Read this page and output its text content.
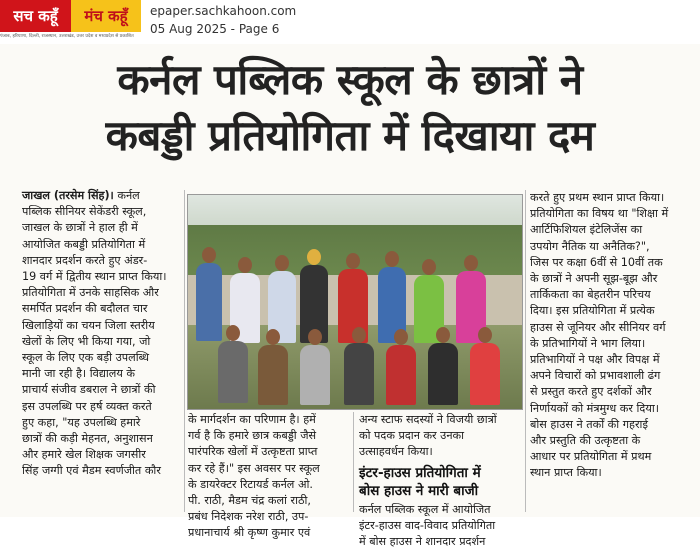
सच कहूँ	मंच कहूँ
पंजाब, हरियाणा, दिल्ली, राजस्थान, उत्तराखंड, उत्तर प्रदेश व मध्यप्रदेश से प्रकाशित
epaper.sachkahoon.com
05 Aug 2025 - Page 6
कर्नल पब्लिक स्कूल के छात्रों ने
कबड्डी प्रतियोगिता में दिखाया दम
जाखल (तरसेम सिंह)। कर्नल
पब्लिक सीनियर सेकेंडरी स्कूल,
जाखल के छात्रों ने हाल ही में
आयोजित कबड्डी प्रतियोगिता में
शानदार प्रदर्शन करते हुए अंडर-
19 वर्ग में द्वितीय स्थान प्राप्त किया।
प्रतियोगिता में उनके साहसिक और
समर्पित प्रदर्शन की बदौलत चार
खिलाड़ियों का चयन जिला स्तरीय
खेलों के लिए भी किया गया, जो
स्कूल के लिए एक बड़ी उपलब्धि
मानी जा रही है। विद्यालय के
प्राचार्य संजीव डबराल ने छात्रों की
इस उपलब्धि पर हर्ष व्यक्त करते
हुए कहा, "यह उपलब्धि हमारे
छात्रों की कड़ी मेहनत, अनुशासन
और हमारे खेल शिक्षक जगसीर
सिंह जग्गी एवं मैडम स्वर्णजीत कौर
के मार्गदर्शन का परिणाम है। हमें
गर्व है कि हमारे छात्र कबड्डी जैसे
पारंपरिक खेलों में उत्कृष्टता प्राप्त
कर रहे हैं।" इस अवसर पर स्कूल
के डायरेक्टर रिटायर्ड कर्नल ओ.
पी. राठी, मैडम चंद्र कलां राठी,
प्रबंध निदेशक नरेश राठी, उप-
प्रधानाचार्य श्री कृष्ण कुमार एवं
अन्य स्टाफ सदस्यों ने विजयी छात्रों
को पदक प्रदान कर उनका
उत्साहवर्धन किया।
इंटर-हाउस प्रतियोगिता में
बोस हाउस ने मारी बाजी
कर्नल पब्लिक स्कूल में आयोजित
इंटर-हाउस वाद-विवाद प्रतियोगिता
में बोस हाउस ने शानदार प्रदर्शन
करते हुए प्रथम स्थान प्राप्त किया।
प्रतियोगिता का विषय था "शिक्षा में
आर्टिफिशियल इंटेलिजेंस का
उपयोग नैतिक या अनैतिक?",
जिस पर कक्षा 6वीं से 10वीं तक
के छात्रों ने अपनी सूझ-बूझ और
तार्किकता का बेहतरीन परिचय
दिया। इस प्रतियोगिता में प्रत्येक
हाउस से जूनियर और सीनियर वर्ग
के प्रतिभागियों ने भाग लिया।
प्रतिभागियों ने पक्ष और विपक्ष में
अपने विचारों को प्रभावशाली ढंग
से प्रस्तुत करते हुए दर्शकों और
निर्णायकों को मंत्रमुग्ध कर दिया।
बोस हाउस ने तर्कों की गहराई
और प्रस्तुति की उत्कृष्टता के
आधार पर प्रतियोगिता में प्रथम
स्थान प्राप्त किया।
